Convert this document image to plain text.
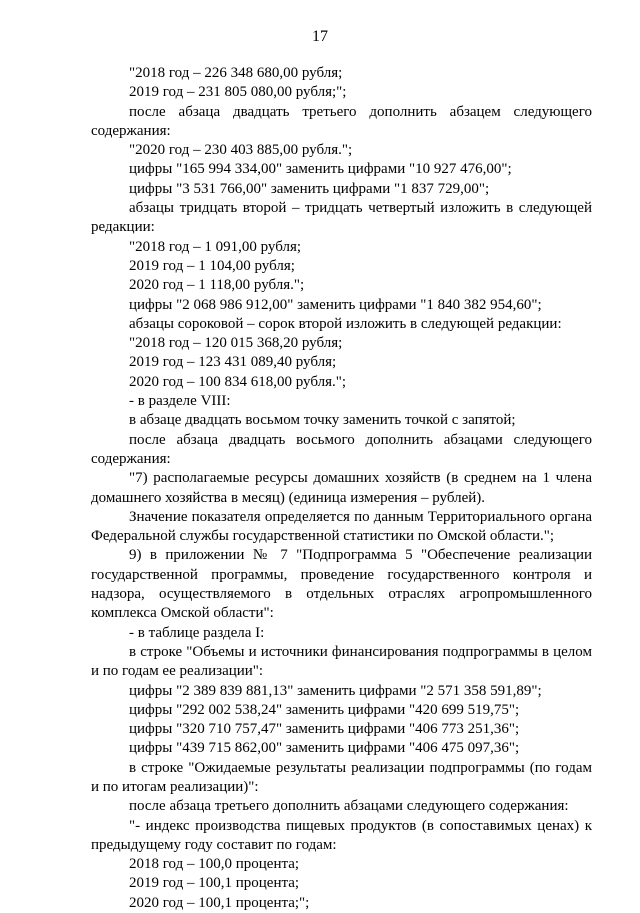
17

"2018 год – 226 348 680,00 рубля;

2019 год – 231 805 080,00 рубля;";

после абзаца двадцать третьего дополнить абзацем следующего содержания:

"2020 год – 230 403 885,00 рубля.";

цифры "165 994 334,00" заменить цифрами "10 927 476,00";

цифры "3 531 766,00" заменить цифрами "1 837 729,00";

абзацы тридцать второй – тридцать четвертый изложить в следующей редакции:

"2018 год – 1 091,00 рубля;

2019 год – 1 104,00 рубля;

2020 год – 1 118,00 рубля.";

цифры "2 068 986 912,00" заменить цифрами "1 840 382 954,60";

абзацы сороковой – сорок второй изложить в следующей редакции:

"2018 год – 120 015 368,20 рубля;

2019 год – 123 431 089,40 рубля;

2020 год – 100 834 618,00 рубля.";

- в разделе VIII:

в абзаце двадцать восьмом точку заменить точкой с запятой;

после абзаца двадцать восьмого дополнить абзацами следующего содержания:

"7) располагаемые ресурсы домашних хозяйств (в среднем на 1 члена домашнего хозяйства в месяц) (единица измерения – рублей).

Значение показателя определяется по данным Территориального органа Федеральной службы государственной статистики по Омской области.";

9) в приложении № 7 "Подпрограмма 5 "Обеспечение реализации государственной программы, проведение государственного контроля и надзора, осуществляемого в отдельных отраслях агропромышленного комплекса Омской области":

- в таблице раздела I:

в строке "Объемы и источники финансирования подпрограммы в целом и по годам ее реализации":

цифры "2 389 839 881,13" заменить цифрами "2 571 358 591,89";

цифры "292 002 538,24" заменить цифрами "420 699 519,75";

цифры "320 710 757,47" заменить цифрами "406 773 251,36";

цифры "439 715 862,00" заменить цифрами "406 475 097,36";

в строке "Ожидаемые результаты реализации подпрограммы (по годам и по итогам реализации)":

после абзаца третьего дополнить абзацами следующего содержания:

"- индекс производства пищевых продуктов (в сопоставимых ценах) к предыдущему году составит по годам:

2018 год – 100,0 процента;

2019 год – 100,1 процента;

2020 год – 100,1 процента;";
